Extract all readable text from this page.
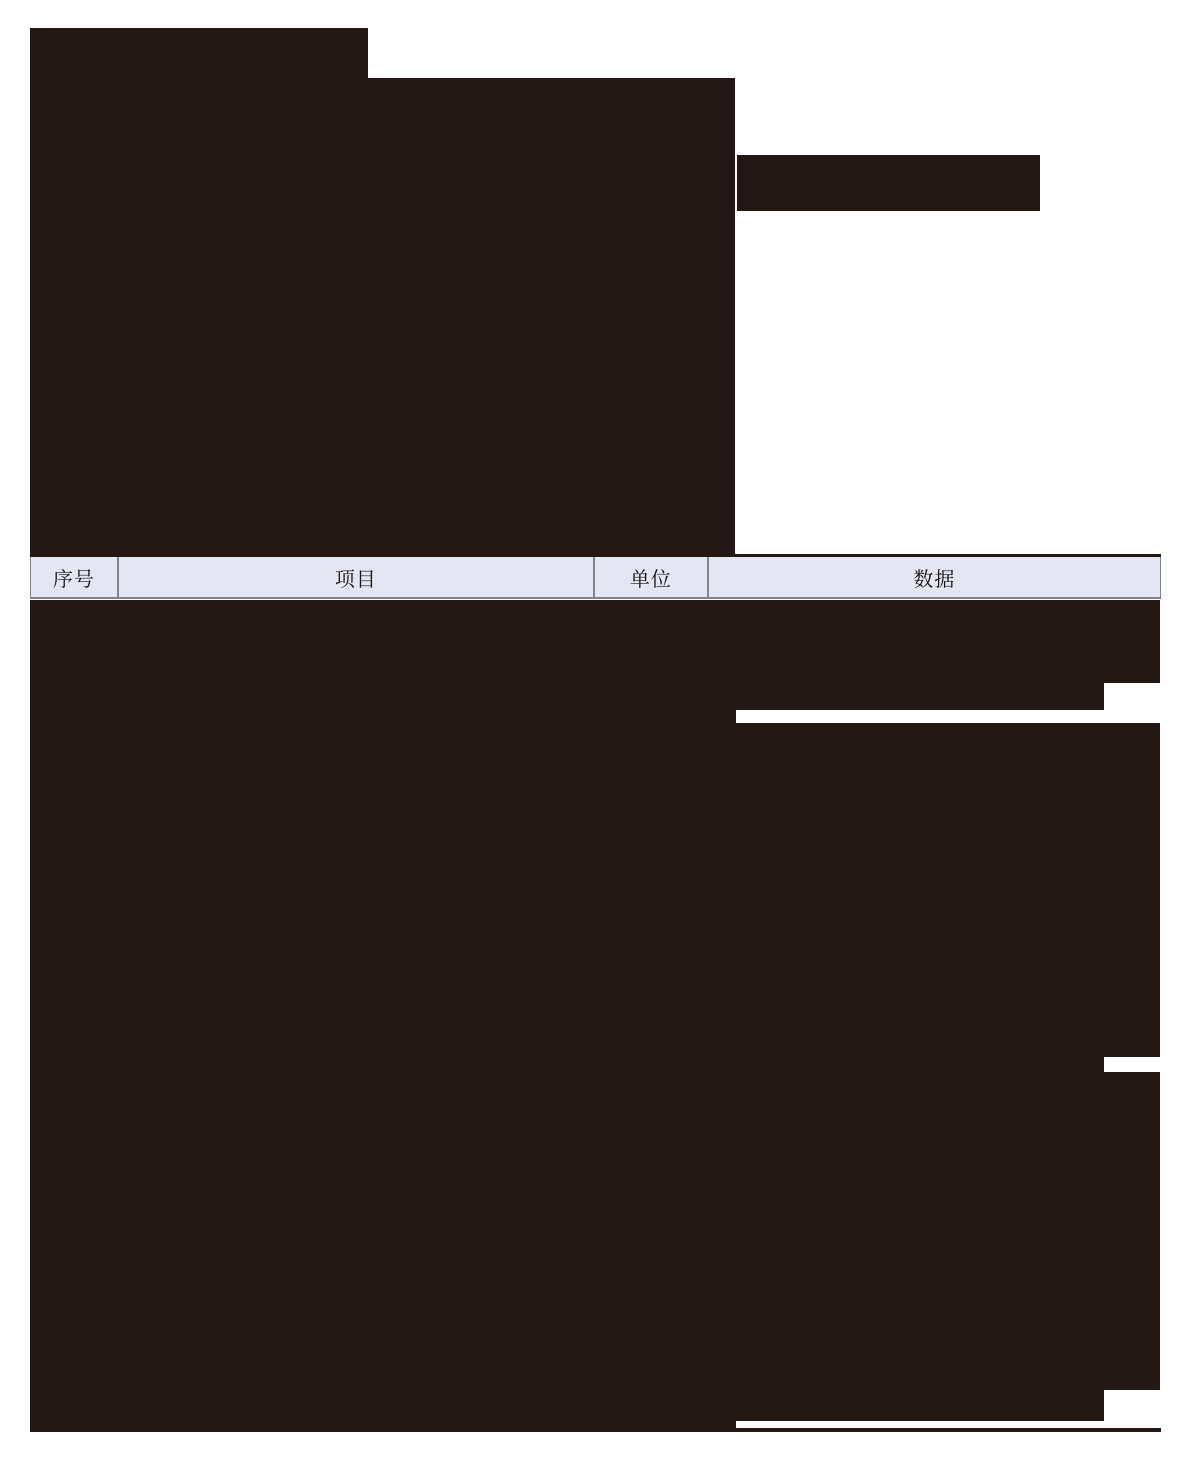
序号	项目	单位	数据
